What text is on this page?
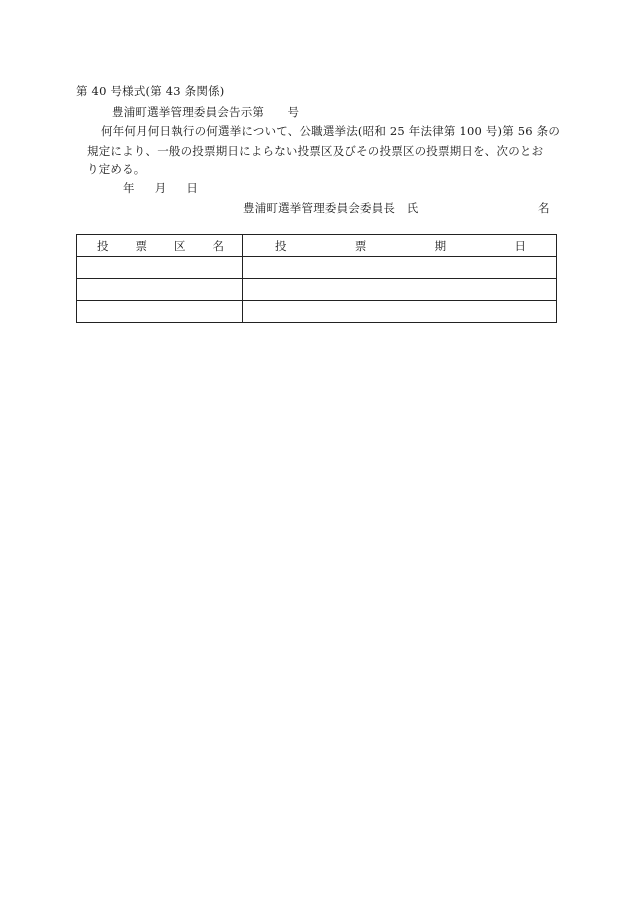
第 40 号様式(第 43 条関係)
豊浦町選挙管理委員会告示第　　号
何年何月何日執行の何選挙について、公職選挙法(昭和 25 年法律第 100 号)第 56 条の
規定により、一般の投票期日によらない投票区及びその投票区の投票期日を、次のとお
り定める。
年 月 日
豊浦町選挙管理委員会委員長　氏	名
投 票 区 名	投 票 期 日
